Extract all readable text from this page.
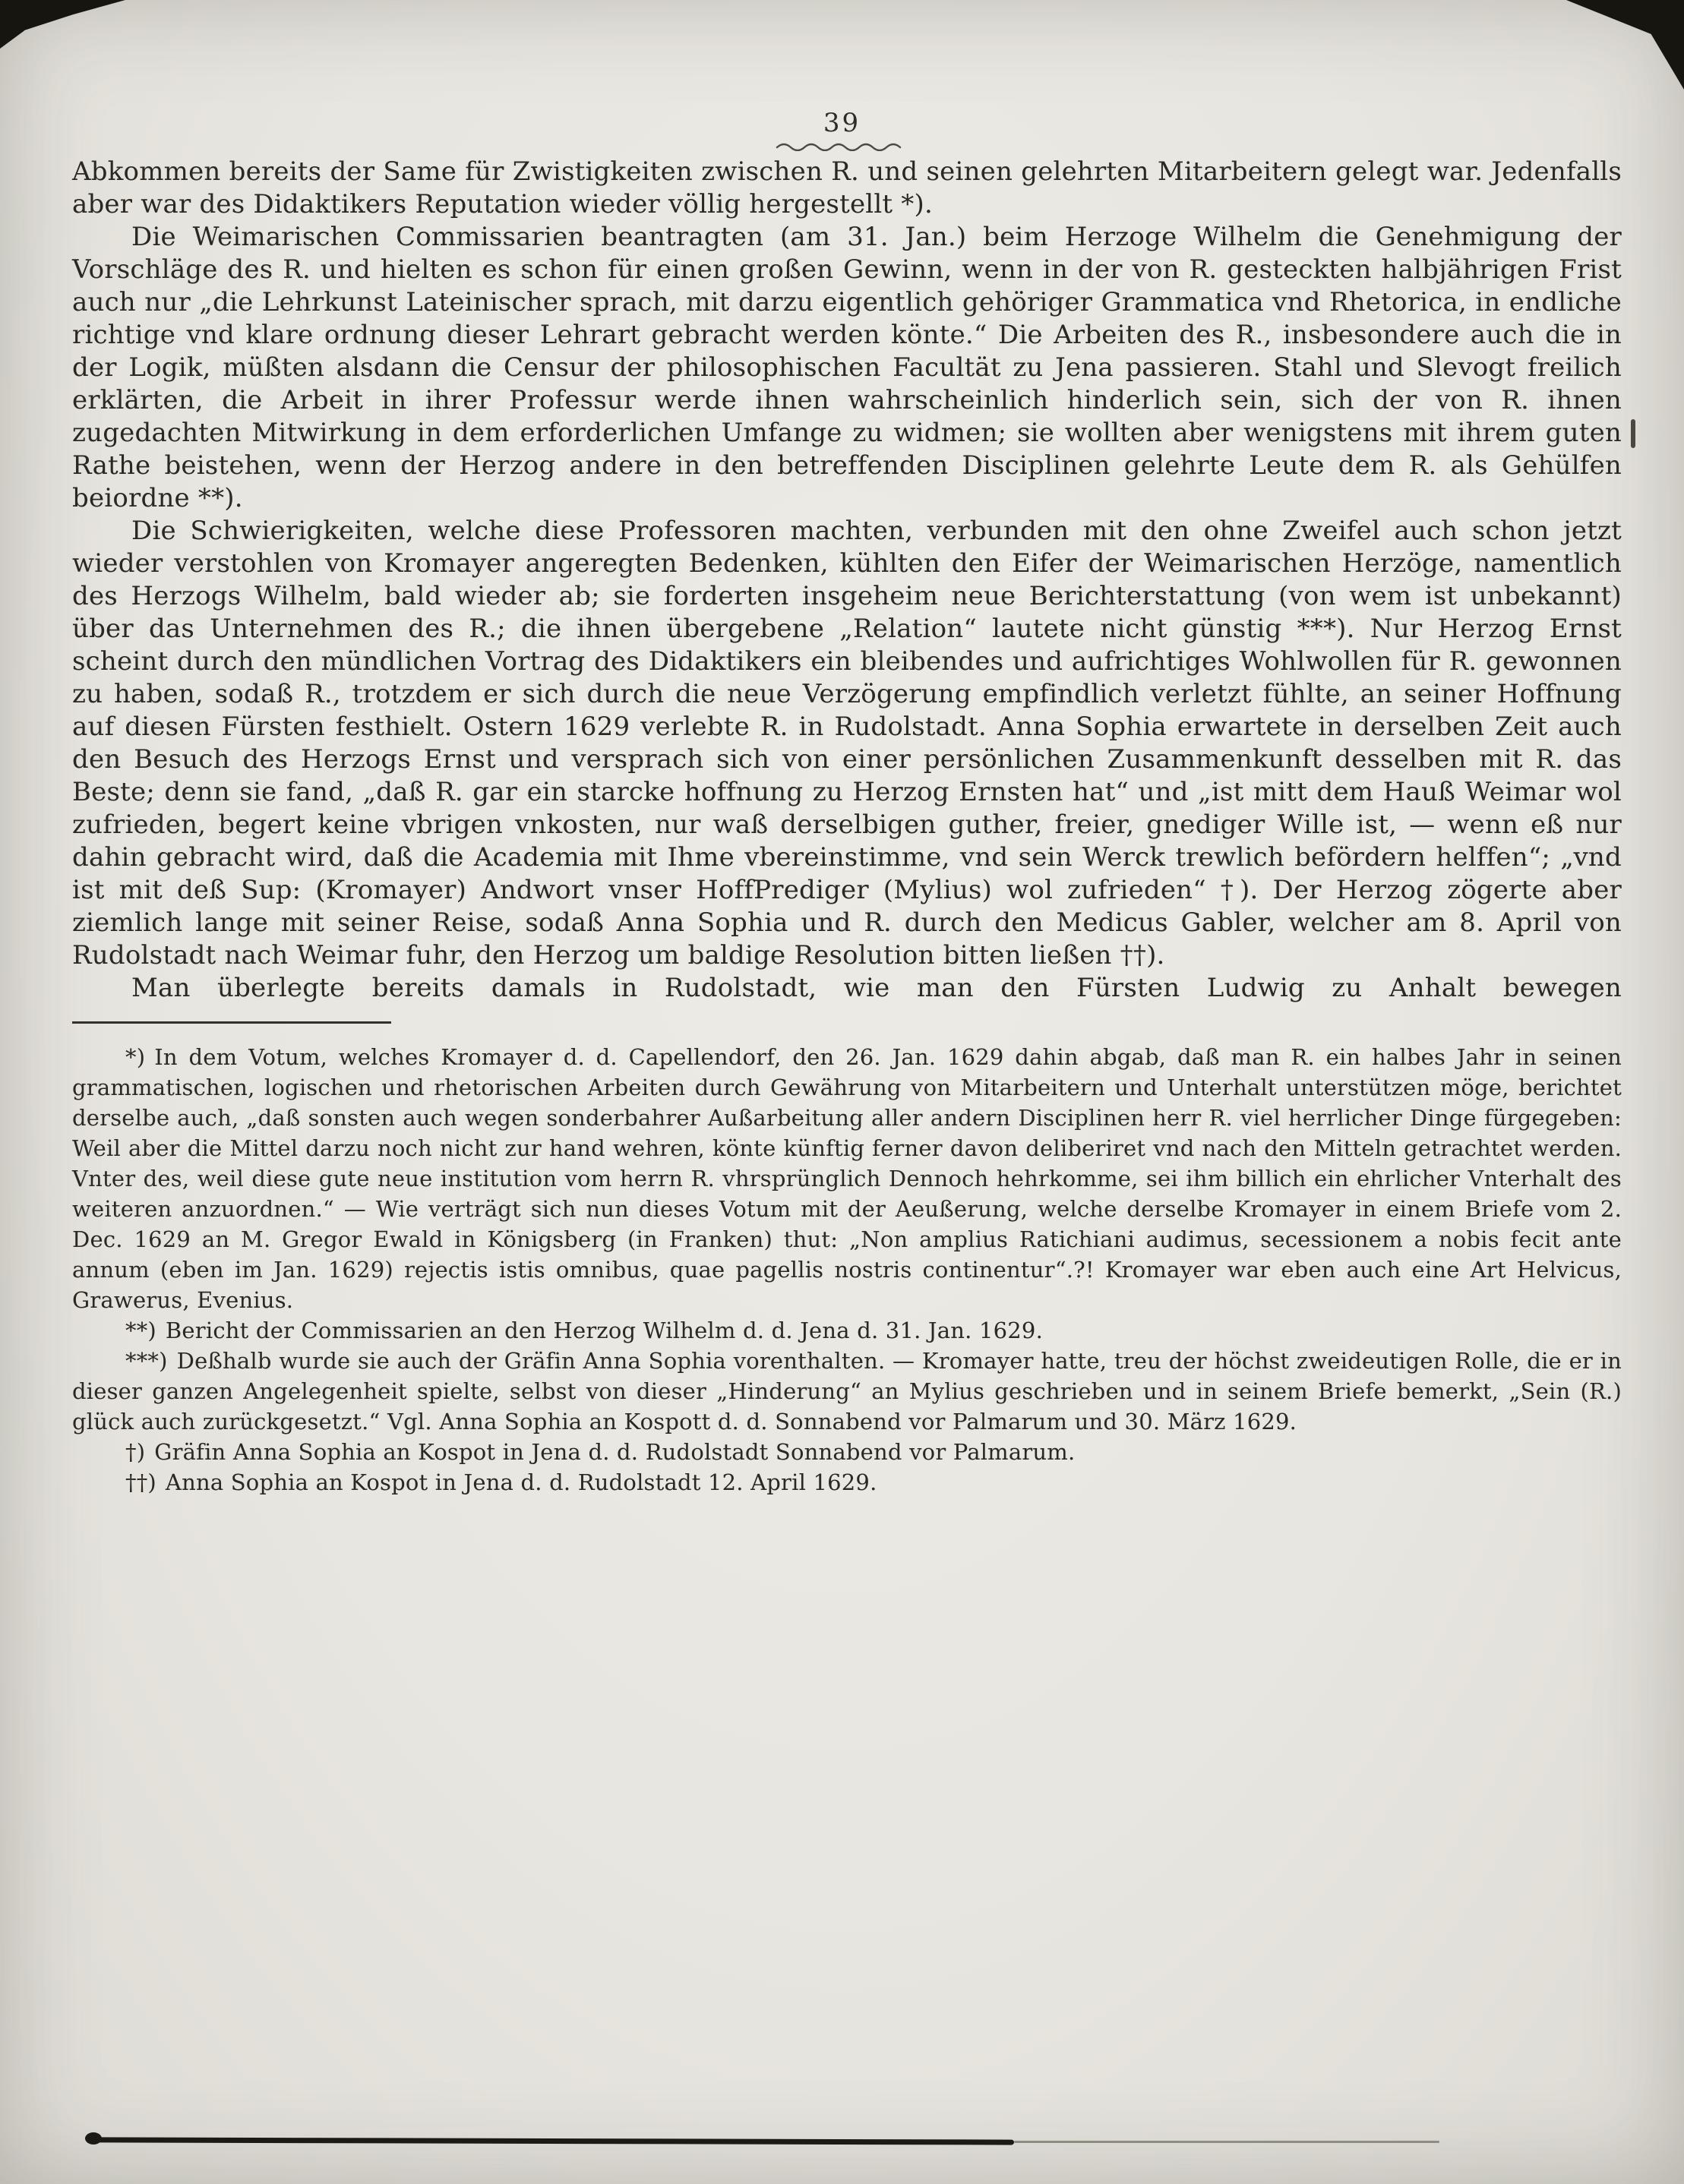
39

Abkommen bereits der Same für Zwistigkeiten zwischen R. und seinen gelehrten Mitarbeitern gelegt war. Jedenfalls aber war des Didaktikers Reputation wieder völlig hergestellt *).

Die Weimarischen Commissarien beantragten (am 31. Jan.) beim Herzoge Wilhelm die Genehmigung der Vorschläge des R. und hielten es schon für einen großen Gewinn, wenn in der von R. gesteckten halbjährigen Frist auch nur „die Lehrkunst Lateinischer sprach, mit darzu eigentlich gehöriger Grammatica vnd Rhetorica, in endliche richtige vnd klare ordnung dieser Lehrart gebracht werden könte.“ Die Arbeiten des R., insbesondere auch die in der Logik, müßten alsdann die Censur der philosophischen Facultät zu Jena passieren. Stahl und Slevogt freilich erklärten, die Arbeit in ihrer Professur werde ihnen wahrscheinlich hinderlich sein, sich der von R. ihnen zugedachten Mitwirkung in dem erforderlichen Umfange zu widmen; sie wollten aber wenigstens mit ihrem guten Rathe beistehen, wenn der Herzog andere in den betreffenden Disciplinen gelehrte Leute dem R. als Gehülfen beiordne **).

Die Schwierigkeiten, welche diese Professoren machten, verbunden mit den ohne Zweifel auch schon jetzt wieder verstohlen von Kromayer angeregten Bedenken, kühlten den Eifer der Weimarischen Herzöge, namentlich des Herzogs Wilhelm, bald wieder ab; sie forderten insgeheim neue Berichterstattung (von wem ist unbekannt) über das Unternehmen des R.; die ihnen übergebene „Relation“ lautete nicht günstig ***). Nur Herzog Ernst scheint durch den mündlichen Vortrag des Didaktikers ein bleibendes und aufrichtiges Wohlwollen für R. gewonnen zu haben, sodaß R., trotzdem er sich durch die neue Verzögerung empfindlich verletzt fühlte, an seiner Hoffnung auf diesen Fürsten festhielt. Ostern 1629 verlebte R. in Rudolstadt. Anna Sophia erwartete in derselben Zeit auch den Besuch des Herzogs Ernst und versprach sich von einer persönlichen Zusammenkunft desselben mit R. das Beste; denn sie fand, „daß R. gar ein starcke hoffnung zu Herzog Ernsten hat“ und „ist mitt dem Hauß Weimar wol zufrieden, begert keine vbrigen vnkosten, nur waß derselbigen guther, freier, gnediger Wille ist, — wenn eß nur dahin gebracht wird, daß die Academia mit Ihme vbereinstimme, vnd sein Werck trewlich befördern helffen“; „vnd ist mit deß Sup: (Kromayer) Andwort vnser HoffPrediger (Mylius) wol zufrieden“ †). Der Herzog zögerte aber ziemlich lange mit seiner Reise, sodaß Anna Sophia und R. durch den Medicus Gabler, welcher am 8. April von Rudolstadt nach Weimar fuhr, den Herzog um baldige Resolution bitten ließen ††).

Man überlegte bereits damals in Rudolstadt, wie man den Fürsten Ludwig zu Anhalt bewegen

*) In dem Votum, welches Kromayer d. d. Capellendorf, den 26. Jan. 1629 dahin abgab, daß man R. ein halbes Jahr in seinen grammatischen, logischen und rhetorischen Arbeiten durch Gewährung von Mitarbeitern und Unterhalt unterstützen möge, berichtet derselbe auch, „daß sonsten auch wegen sonderbahrer Außarbeitung aller andern Disciplinen herr R. viel herrlicher Dinge fürgegeben: Weil aber die Mittel darzu noch nicht zur hand wehren, könte künftig ferner davon deliberiret vnd nach den Mitteln getrachtet werden. Vnter des, weil diese gute neue institution vom herrn R. vhrsprünglich Dennoch hehrkomme, sei ihm billich ein ehrlicher Vnterhalt des weiteren anzuordnen.“ — Wie verträgt sich nun dieses Votum mit der Aeußerung, welche derselbe Kromayer in einem Briefe vom 2. Dec. 1629 an M. Gregor Ewald in Königsberg (in Franken) thut: „Non amplius Ratichiani audimus, secessionem a nobis fecit ante annum (eben im Jan. 1629) rejectis istis omnibus, quae pagellis nostris continentur“.?! Kromayer war eben auch eine Art Helvicus, Grawerus, Evenius.

**) Bericht der Commissarien an den Herzog Wilhelm d. d. Jena d. 31. Jan. 1629.

***) Deßhalb wurde sie auch der Gräfin Anna Sophia vorenthalten. — Kromayer hatte, treu der höchst zweideutigen Rolle, die er in dieser ganzen Angelegenheit spielte, selbst von dieser „Hinderung“ an Mylius geschrieben und in seinem Briefe bemerkt, „Sein (R.) glück auch zurückgesetzt.“ Vgl. Anna Sophia an Kospott d. d. Sonnabend vor Palmarum und 30. März 1629.

†) Gräfin Anna Sophia an Kospot in Jena d. d. Rudolstadt Sonnabend vor Palmarum.

††) Anna Sophia an Kospot in Jena d. d. Rudolstadt 12. April 1629.
